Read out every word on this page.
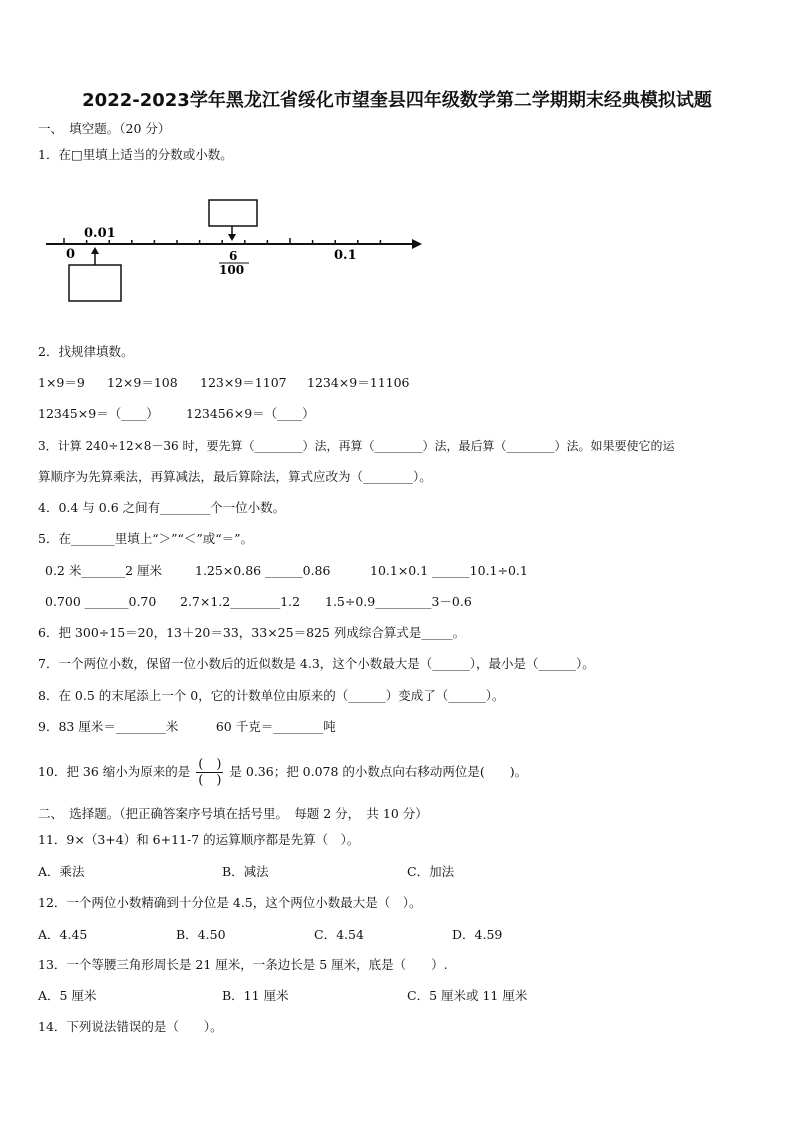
2022-2023学年黑龙江省绥化市望奎县四年级数学第二学期期末经典模拟试题
一、　填空题。（20 分）
1．在□里填上适当的分数或小数。
0.01
0	6
100
0.1
2．找规律填数。
1×9＝9 12×9＝108 123×9＝1107 1234×9＝11106
12345×9＝（____） 123456×9＝（____）
3．计算 240÷12×8－36 时，要先算（________）法，再算（________）法，最后算（________）法。如果要使它的运
算顺序为先算乘法，再算减法，最后算除法，算式应改为（________）。
4．0.4 与 0.6 之间有________个一位小数。
5．在_______里填上“＞”“＜”或“＝”。
0.2 米_______2 厘米	1.25×0.86 ______0.86	10.1×0.1 ______10.1÷0.1
0.700 _______0.70 2.7×1.2________1.2 1.5÷0.9_________3－0.6
6．把 300÷15＝20，13＋20＝33，33×25＝825 列成综合算式是_____。
7．一个两位小数，保留一位小数后的近似数是 4.3，这个小数最大是（______），最小是（______）。
8．在 0.5 的末尾添上一个 0，它的计数单位由原来的（______）变成了（______）。
9．83 厘米＝________米　　　60 千克＝________吨
10．把 36 缩小为原来的是 $\frac{( )}{( )}$ 是 0.36；把 0.078 的小数点向右移动两位是(　　)。
二、　选择题。（把正确答案序号填在括号里。　每题 2 分，　共 10 分）
11．9×（3+4）和 6+11-7 的运算顺序都是先算（　）。
A．乘法	B．减法	C．加法
12．一个两位小数精确到十分位是 4.5，这个两位小数最大是（　）。
A．4.45	B．4.50	C．4.54	D．4.59
13．一个等腰三角形周长是 21 厘米，一条边长是 5 厘米，底是（　　）.
A．5 厘米	B．11 厘米	C．5 厘米或 11 厘米
14．下列说法错误的是（　　）。
